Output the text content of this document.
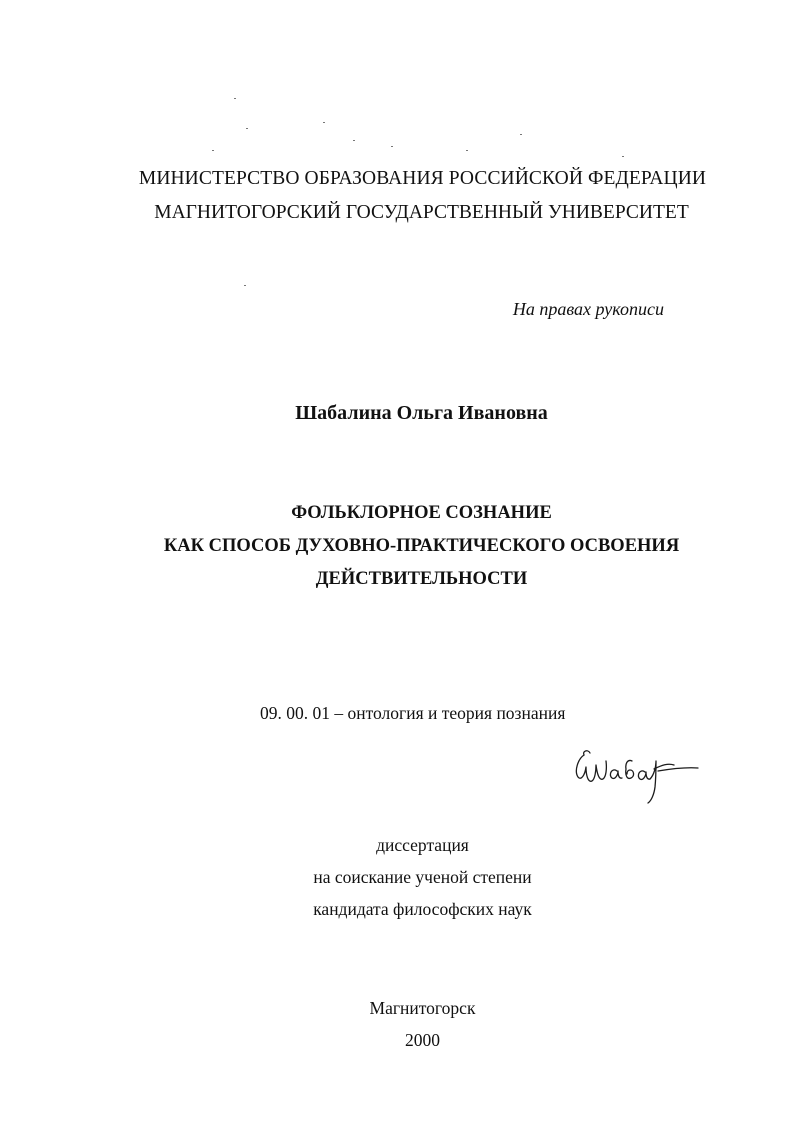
МИНИСТЕРСТВО ОБРАЗОВАНИЯ РОССИЙСКОЙ ФЕДЕРАЦИИ
МАГНИТОГОРСКИЙ ГОСУДАРСТВЕННЫЙ УНИВЕРСИТЕТ
На правах рукописи
Шабалина Ольга Ивановна
ФОЛЬКЛОРНОЕ СОЗНАНИЕ
КАК СПОСОБ ДУХОВНО-ПРАКТИЧЕСКОГО ОСВОЕНИЯ
ДЕЙСТВИТЕЛЬНОСТИ
09. 00. 01 – онтология и теория познания
диссертация
на соискание ученой степени
кандидата философских наук
Магнитогорск
2000
